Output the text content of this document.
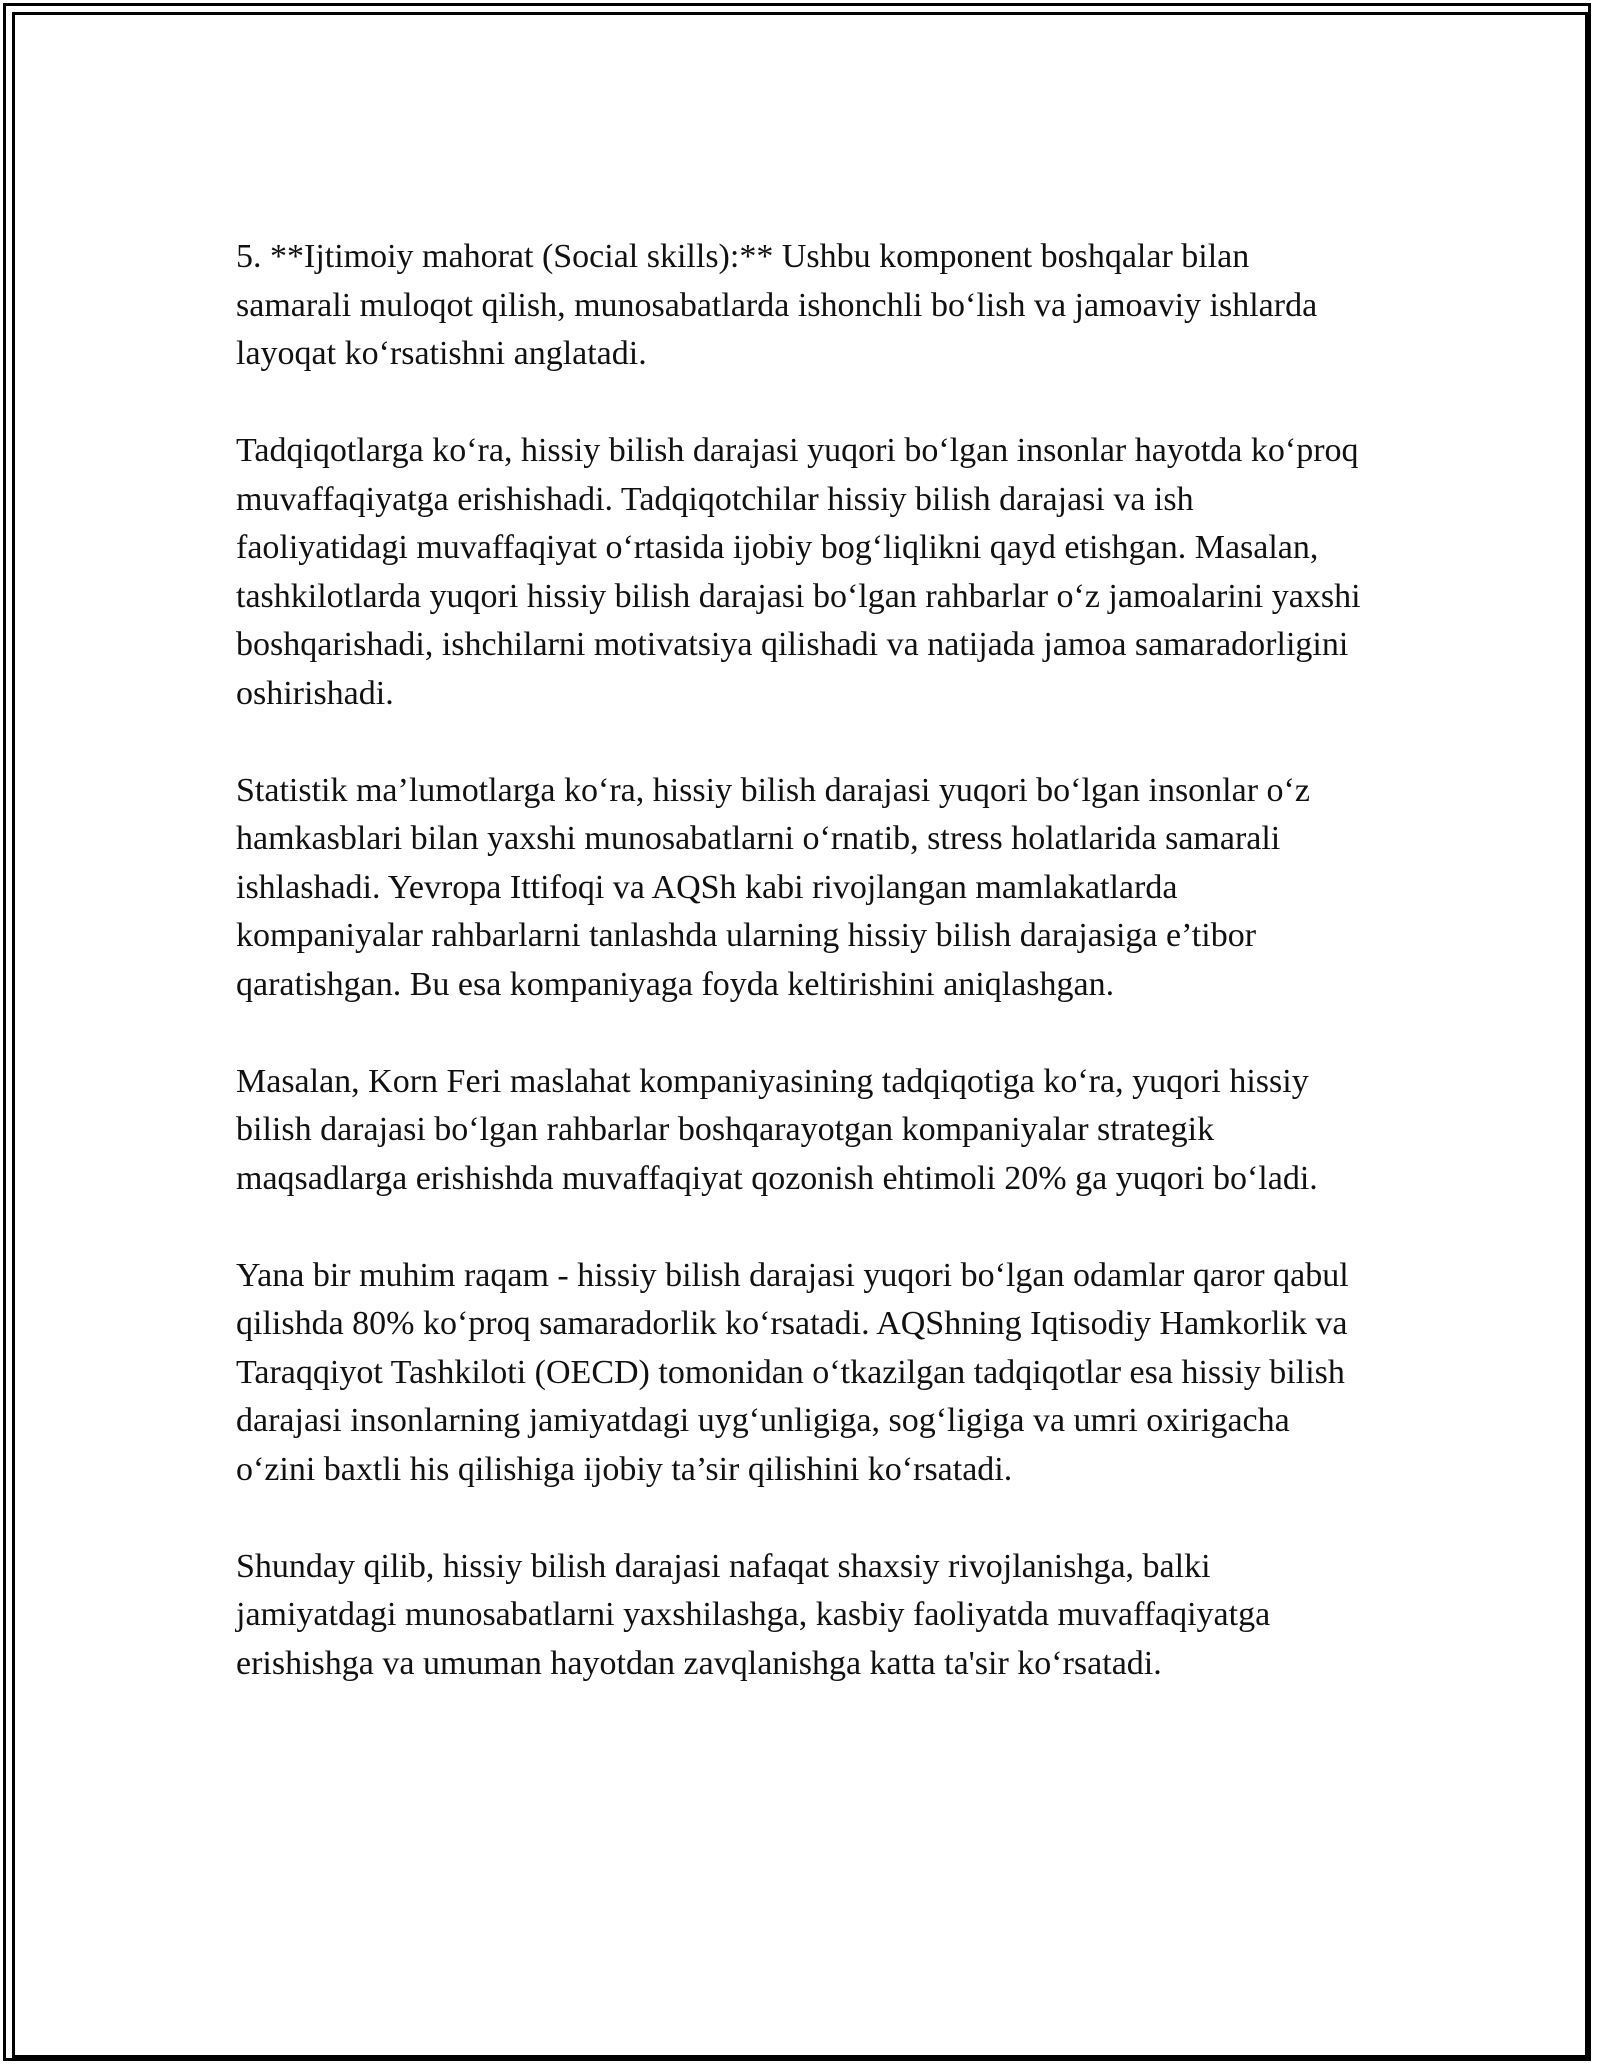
5. **Ijtimoiy mahorat (Social skills):** Ushbu komponent boshqalar bilan samarali muloqot qilish, munosabatlarda ishonchli bo‘lish va jamoaviy ishlarda layoqat ko‘rsatishni anglatadi.

Tadqiqotlarga ko‘ra, hissiy bilish darajasi yuqori bo‘lgan insonlar hayotda ko‘proq muvaffaqiyatga erishishadi. Tadqiqotchilar hissiy bilish darajasi va ish faoliyatidagi muvaffaqiyat o‘rtasida ijobiy bog‘liqlikni qayd etishgan. Masalan, tashkilotlarda yuqori hissiy bilish darajasi bo‘lgan rahbarlar o‘z jamoalarini yaxshi boshqarishadi, ishchilarni motivatsiya qilishadi va natijada jamoa samaradorligini oshirishadi.

Statistik ma’lumotlarga ko‘ra, hissiy bilish darajasi yuqori bo‘lgan insonlar o‘z hamkasblari bilan yaxshi munosabatlarni o‘rnatib, stress holatlarida samarali ishlashadi. Yevropa Ittifoqi va AQSh kabi rivojlangan mamlakatlarda kompaniyalar rahbarlarni tanlashda ularning hissiy bilish darajasiga e’tibor qaratishgan. Bu esa kompaniyaga foyda keltirishini aniqlashgan.

Masalan, Korn Feri maslahat kompaniyasining tadqiqotiga ko‘ra, yuqori hissiy bilish darajasi bo‘lgan rahbarlar boshqarayotgan kompaniyalar strategik maqsadlarga erishishda muvaffaqiyat qozonish ehtimoli 20% ga yuqori bo‘ladi.

Yana bir muhim raqam - hissiy bilish darajasi yuqori bo‘lgan odamlar qaror qabul qilishda 80% ko‘proq samaradorlik ko‘rsatadi. AQShning Iqtisodiy Hamkorlik va Taraqqiyot Tashkiloti (OECD) tomonidan o‘tkazilgan tadqiqotlar esa hissiy bilish darajasi insonlarning jamiyatdagi uyg‘unligiga, sog‘ligiga va umri oxirigacha o‘zini baxtli his qilishiga ijobiy ta’sir qilishini ko‘rsatadi.

Shunday qilib, hissiy bilish darajasi nafaqat shaxsiy rivojlanishga, balki jamiyatdagi munosabatlarni yaxshilashga, kasbiy faoliyatda muvaffaqiyatga erishishga va umuman hayotdan zavqlanishga katta ta'sir ko‘rsatadi.
